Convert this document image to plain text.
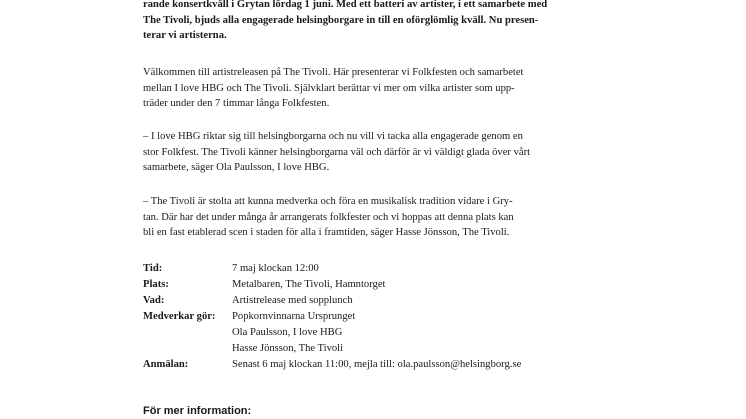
rande konsertkväll i Grytan lördag 1 juni. Med ett batteri av artister, i ett samarbete med
The Tivoli, bjuds alla engagerade helsingborgare in till en oförglömlig kväll. Nu presen-
terar vi artisterna.
Välkommen till artistreleasen på The Tivoli. Här presenterar vi Folkfesten och samarbetet
mellan I love HBG och The Tivoli. Självklart berättar vi mer om vilka artister som upp-
träder under den 7 timmar långa Folkfesten.
– I love HBG riktar sig till helsingborgarna och nu vill vi tacka alla engagerade genom en
stor Folkfest. The Tivoli känner helsingborgarna väl och därför är vi väldigt glada över vårt
samarbete, säger Ola Paulsson, I love HBG.
– The Tivoli är stolta att kunna medverka och föra en musikalisk tradition vidare i Gry-
tan. Där har det under många år arrangerats folkfester och vi hoppas att denna plats kan
bli en fast etablerad scen i staden för alla i framtiden, säger Hasse Jönsson, The Tivoli.
Tid:	7 maj klockan 12:00
Plats:	Metalbaren, The Tivoli, Hamntorget
Vad:	Artistrelease med sopplunch
Medverkar gör:	Popkornvinnarna Ursprunget
Ola Paulsson, I love HBG
Hasse Jönsson, The Tivoli
Anmälan:	Senast 6 maj klockan 11:00, mejla till: ola.paulsson@helsingborg.se
För mer information:
